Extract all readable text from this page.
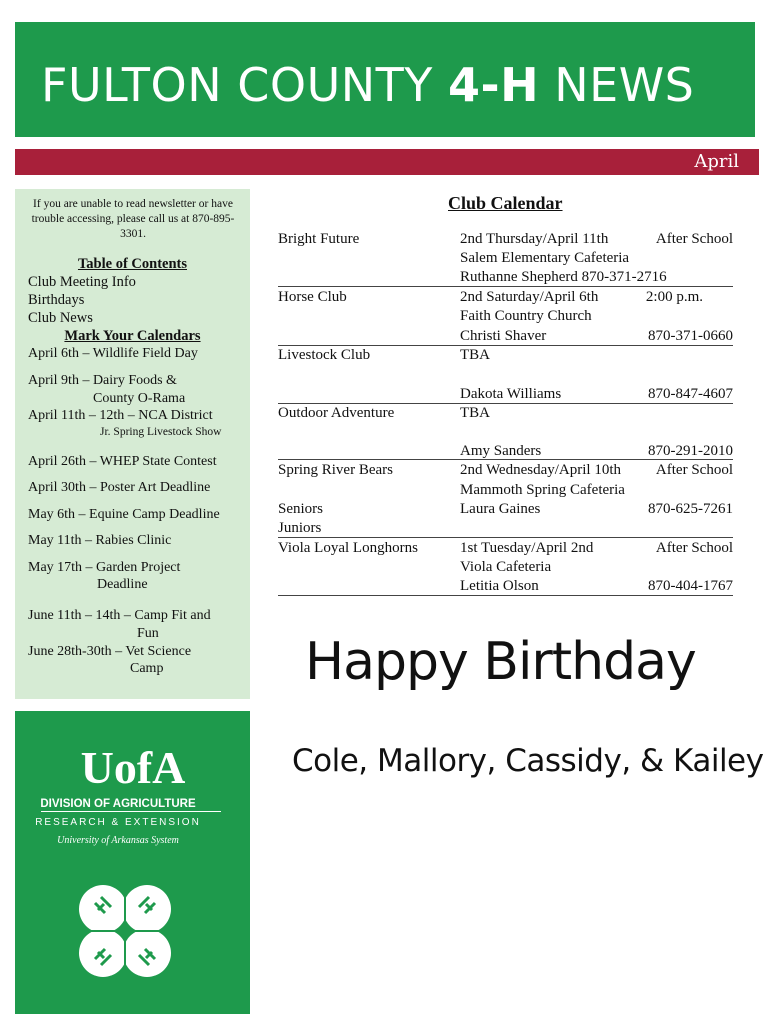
FULTON COUNTY 4-H NEWS
April
If you are unable to read newsletter or have trouble accessing, please call us at 870-895-3301.
Table of Contents
Club Meeting Info
Birthdays
Club News
Mark Your Calendars
April 6th – Wildlife Field Day
April 9th – Dairy Foods &
County O-Rama
April 11th – 12th – NCA District
Jr. Spring Livestock Show
April 26th – WHEP State Contest
April 30th – Poster Art Deadline
May 6th – Equine Camp Deadline
May 11th – Rabies Clinic
May 17th – Garden Project
Deadline
June 11th – 14th – Camp Fit and
Fun
June 28th-30th – Vet Science
Camp
UofA
DIVISION OF AGRICULTURE
RESEARCH & EXTENSION
University of Arkansas System
Club Calendar
Bright Future	2nd Thursday/April 11th	After School
Salem Elementary Cafeteria
Ruthanne Shepherd 870-371-2716
Horse Club	2nd Saturday/April 6th	2:00 p.m.
Faith Country Church
Christi Shaver	870-371-0660
Livestock Club	TBA
Dakota Williams	870-847-4607
Outdoor Adventure	TBA
Amy Sanders	870-291-2010
Spring River Bears	2nd Wednesday/April 10th After School
Mammoth Spring Cafeteria
Seniors	Laura Gaines	870-625-7261
Juniors
Viola Loyal Longhorns	1st Tuesday/April 2nd	After School
Viola Cafeteria
Letitia Olson	870-404-1767
Happy Birthday
Cole, Mallory, Cassidy, & Kailey
